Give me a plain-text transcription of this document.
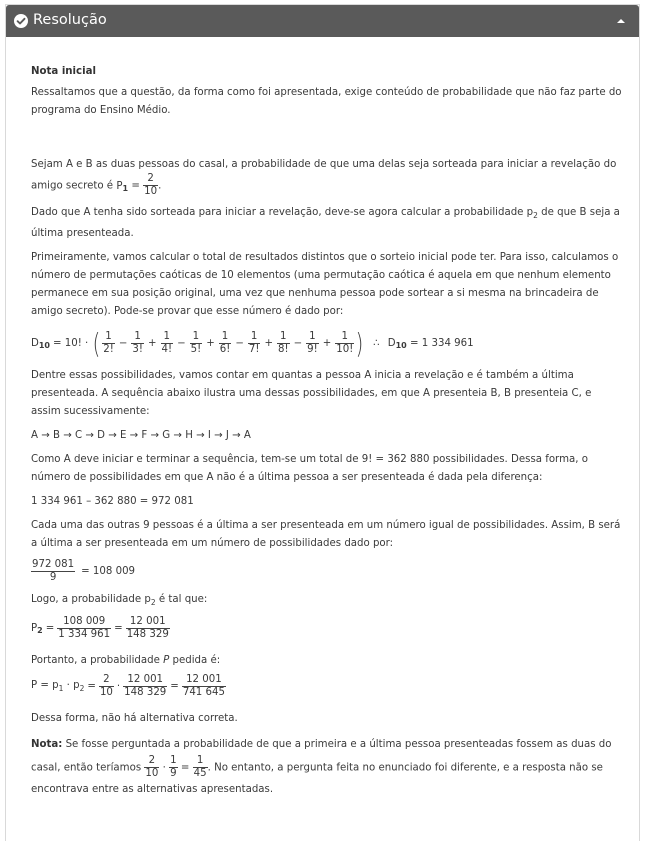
Resolução

Nota inicial

Ressaltamos que a questão, da forma como foi apresentada, exige conteúdo de probabilidade que não faz parte do programa do Ensino Médio.

Sejam A e B as duas pessoas do casal, a probabilidade de que uma delas seja sorteada para iniciar a revelação do amigo secreto é $P1 = \frac{2}{10}$ .

Dado que A tenha sido sorteada para iniciar a revelação, deve-se agora calcular a probabilidade $p_2$ de que B seja a última presenteada.

Primeiramente, vamos calcular o total de resultados distintos que o sorteio inicial pode ter. Para isso, calculamos o número de permutações caóticas de 10 elementos (uma permutação caótica é aquela em que nenhum elemento permanece em sua posição original, uma vez que nenhuma pessoa pode sortear a si mesma na brincadeira de amigo secreto). Pode-se provar que esse número é dado por:

D10 = 10! · ( $\frac{1}{2!} - \frac{1}{3!} + \frac{1}{4!} - \frac{1}{5!} + \frac{1}{6!} - \frac{1}{7!} + \frac{1}{8!} - \frac{1}{9!} + \frac{1}{10!}$ ) ∴ D10 = 1 334 961

Dentre essas possibilidades, vamos contar em quantas a pessoa A inicia a revelação e é também a última presenteada. A sequência abaixo ilustra uma dessas possibilidades, em que A presenteia B, B presenteia C, e assim sucessivamente:

A → B → C → D → E → F → G → H → I → J → A

Como A deve iniciar e terminar a sequência, tem-se um total de 9! = 362 880 possibilidades. Dessa forma, o número de possibilidades em que A não é a última pessoa a ser presenteada é dada pela diferença:

1 334 961 – 362 880 = 972 081

Cada uma das outras 9 pessoas é a última a ser presenteada em um número igual de possibilidades. Assim, B será a última a ser presenteada em um número de possibilidades dado por:

$\frac{972 081}{9} = 108$ 009

Logo, a probabilidade $p_2$ é tal que:

$P2 = \frac{108 009}{1 334 961} = \frac{12 001}{148 329}$

Portanto, a probabilidade P pedida é:

$P = p_1 \cdot p_2 = \frac{2}{10} \cdot \frac{12 001}{148 329} = \frac{12 001}{741 645}$

Dessa forma, não há alternativa correta.

Nota: Se fosse perguntada a probabilidade de que a primeira e a última pessoa presenteadas fossem as duas do casal, então teríamos $\frac{2}{10} \cdot \frac{1}{9} = \frac{1}{45}$ . No entanto, a pergunta feita no enunciado foi diferente, e a resposta não se encontrava entre as alternativas apresentadas.
